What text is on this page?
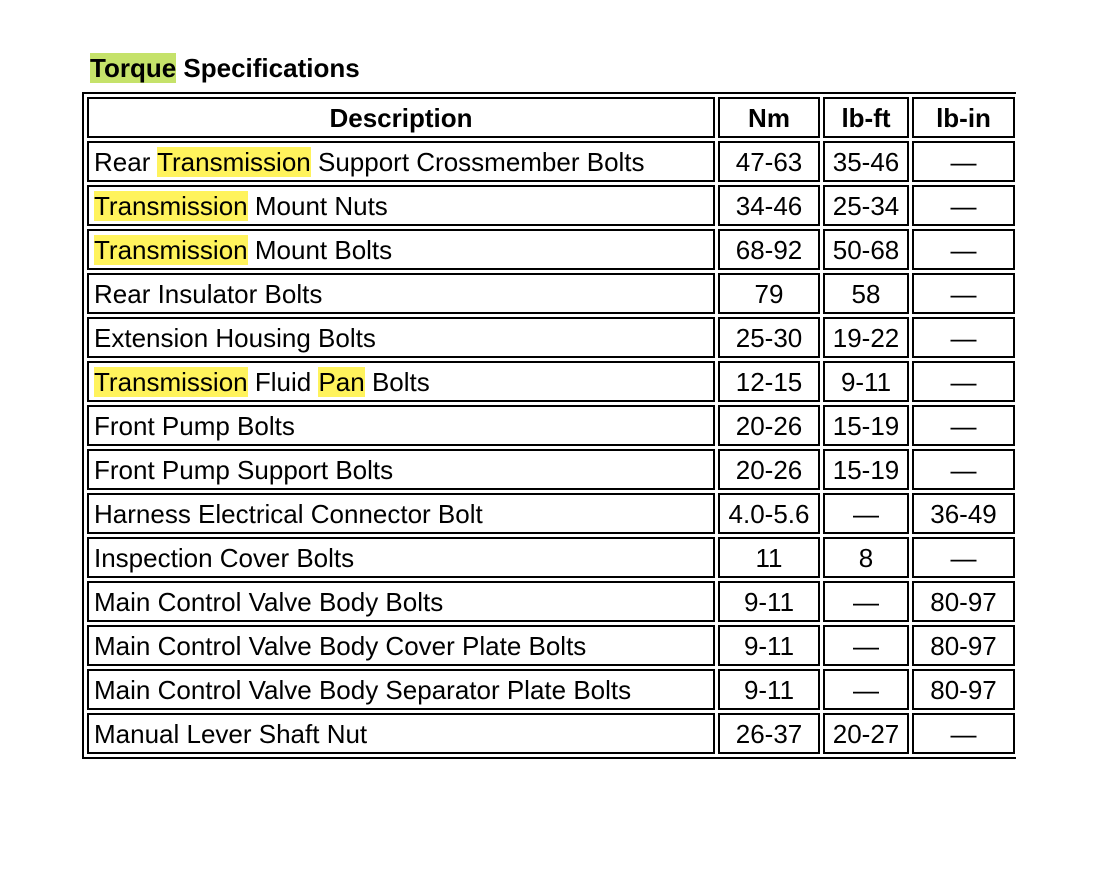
Torque Specifications
Description	Nm	lb-ft	lb-in
Rear Transmission Support Crossmember Bolts	47-63	35-46	—
Transmission Mount Nuts	34-46	25-34	—
Transmission Mount Bolts	68-92	50-68	—
Rear Insulator Bolts	79	58	—
Extension Housing Bolts	25-30	19-22	—
Transmission Fluid Pan Bolts	12-15	9-11	—
Front Pump Bolts	20-26	15-19	—
Front Pump Support Bolts	20-26	15-19	—
Harness Electrical Connector Bolt	4.0-5.6	—	36-49
Inspection Cover Bolts	11	8	—
Main Control Valve Body Bolts	9-11	—	80-97
Main Control Valve Body Cover Plate Bolts	9-11	—	80-97
Main Control Valve Body Separator Plate Bolts	9-11	—	80-97
Manual Lever Shaft Nut	26-37	20-27	—
